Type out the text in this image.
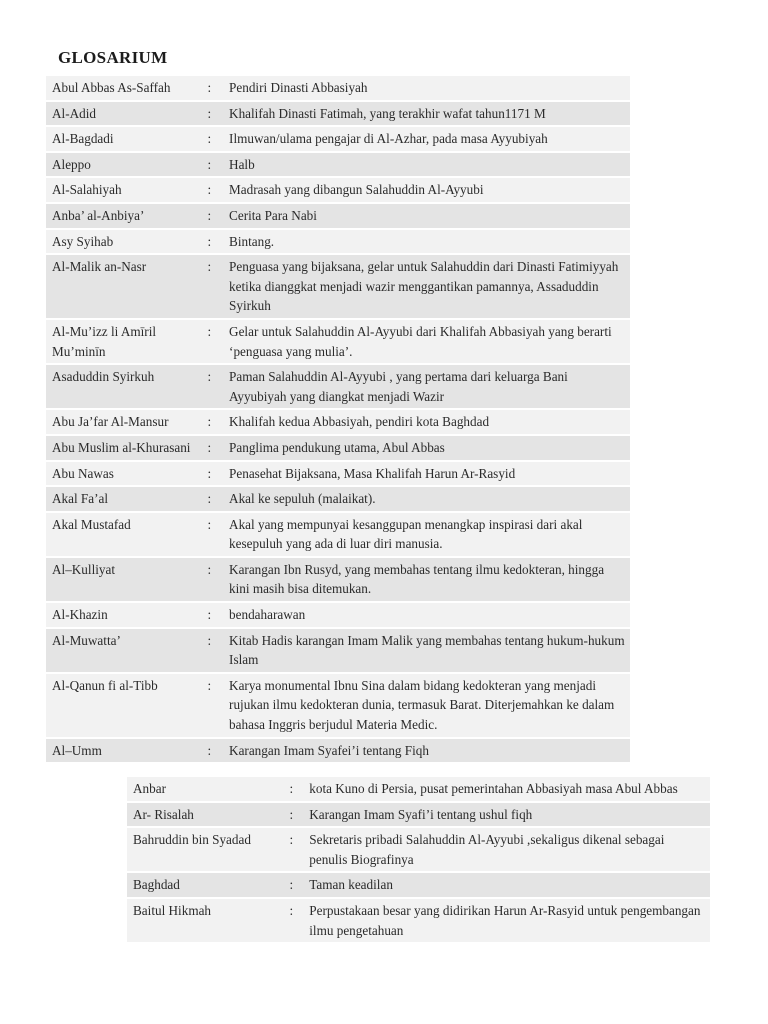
GLOSARIUM
Abul Abbas As-Saffah	:	Pendiri Dinasti Abbasiyah
Al-Adid	:	Khalifah Dinasti Fatimah, yang terakhir wafat tahun1171 M
Al-Bagdadi	:	Ilmuwan/ulama pengajar di Al-Azhar, pada masa Ayyubiyah
Aleppo	:	Halb
Al-Salahiyah	:	Madrasah yang dibangun Salahuddin Al-Ayyubi
Anba’ al-Anbiya’	:	Cerita Para Nabi
Asy Syihab	:	Bintang.
Al-Malik an-Nasr	:	Penguasa yang bijaksana, gelar untuk Salahuddin dari Dinasti Fatimiyyah ketika dianggkat menjadi wazir menggantikan pamannya, Assaduddin Syirkuh
Al-Mu’izz li Amīril Mu’minīn	:	Gelar untuk Salahuddin Al-Ayyubi dari Khalifah Abbasiyah yang berarti ‘penguasa yang mulia’.
Asaduddin Syirkuh	:	Paman Salahuddin Al-Ayyubi , yang pertama dari keluarga Bani Ayyubiyah yang diangkat menjadi Wazir
Abu Ja’far Al-Mansur	:	Khalifah kedua Abbasiyah, pendiri kota Baghdad
Abu Muslim al-Khurasani	:	Panglima pendukung utama, Abul Abbas
Abu Nawas	:	Penasehat Bijaksana, Masa Khalifah Harun Ar-Rasyid
Akal Fa’al	:	Akal ke sepuluh (malaikat).
Akal Mustafad	:	Akal yang mempunyai kesanggupan menangkap inspirasi dari akal kesepuluh yang ada di luar diri manusia.
Al–Kulliyat	:	Karangan Ibn Rusyd, yang membahas tentang ilmu kedokteran, hingga kini masih bisa ditemukan.
Al-Khazin	:	bendaharawan
Al-Muwatta’	:	Kitab Hadis karangan Imam Malik yang membahas tentang hukum-hukum Islam
Al-Qanun fi al-Tibb	:	Karya monumental Ibnu Sina dalam bidang kedokteran yang menjadi rujukan ilmu kedokteran dunia, termasuk Barat. Diterjemahkan ke dalam bahasa Inggris berjudul Materia Medic.
Al–Umm	:	Karangan Imam Syafei’i tentang Fiqh
Anbar	:	kota Kuno di Persia, pusat pemerintahan Abbasiyah masa Abul Abbas
Ar- Risalah	:	Karangan Imam Syafi’i tentang ushul fiqh
Bahruddin bin Syadad	:	Sekretaris pribadi Salahuddin Al-Ayyubi ,sekaligus dikenal sebagai penulis Biografinya
Baghdad	:	Taman keadilan
Baitul Hikmah	:	Perpustakaan besar yang didirikan Harun Ar-Rasyid untuk pengembangan ilmu pengetahuan
